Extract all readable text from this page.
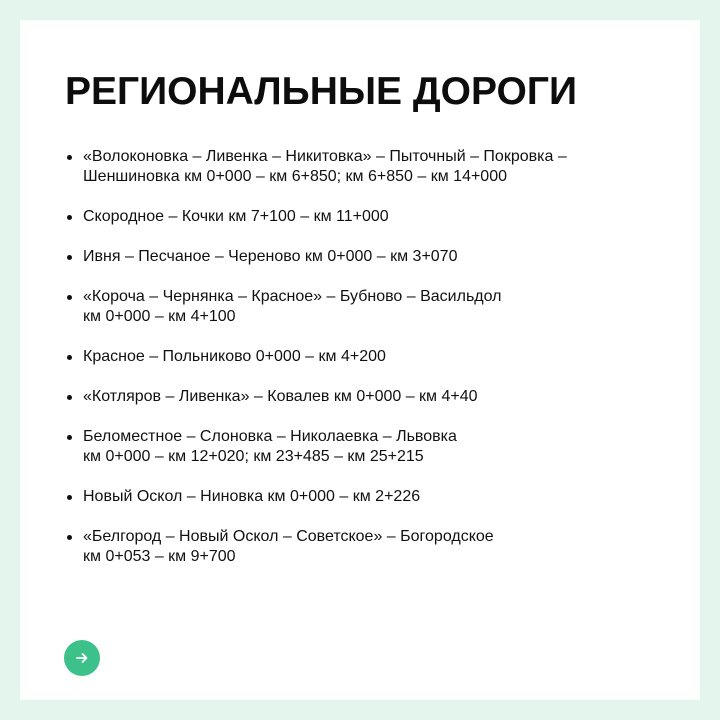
РЕГИОНАЛЬНЫЕ ДОРОГИ
«Волоконовка – Ливенка – Никитовка» – Пыточный – Покровка –
Шеншиновка км 0+000 – км 6+850; км 6+850 – км 14+000
Скородное – Кочки км 7+100 – км 11+000
Ивня – Песчаное – Череново км 0+000 – км 3+070
«Короча – Чернянка – Красное» – Бубново – Васильдол
км 0+000 – км 4+100
Красное – Польниково 0+000 – км 4+200
«Котляров – Ливенка» – Ковалев км 0+000 – км 4+40
Беломестное – Слоновка – Николаевка – Львовка
км 0+000 – км 12+020; км 23+485 – км 25+215
Новый Оскол – Ниновка км 0+000 – км 2+226
«Белгород – Новый Оскол – Советское» – Богородское
км 0+053 – км 9+700
